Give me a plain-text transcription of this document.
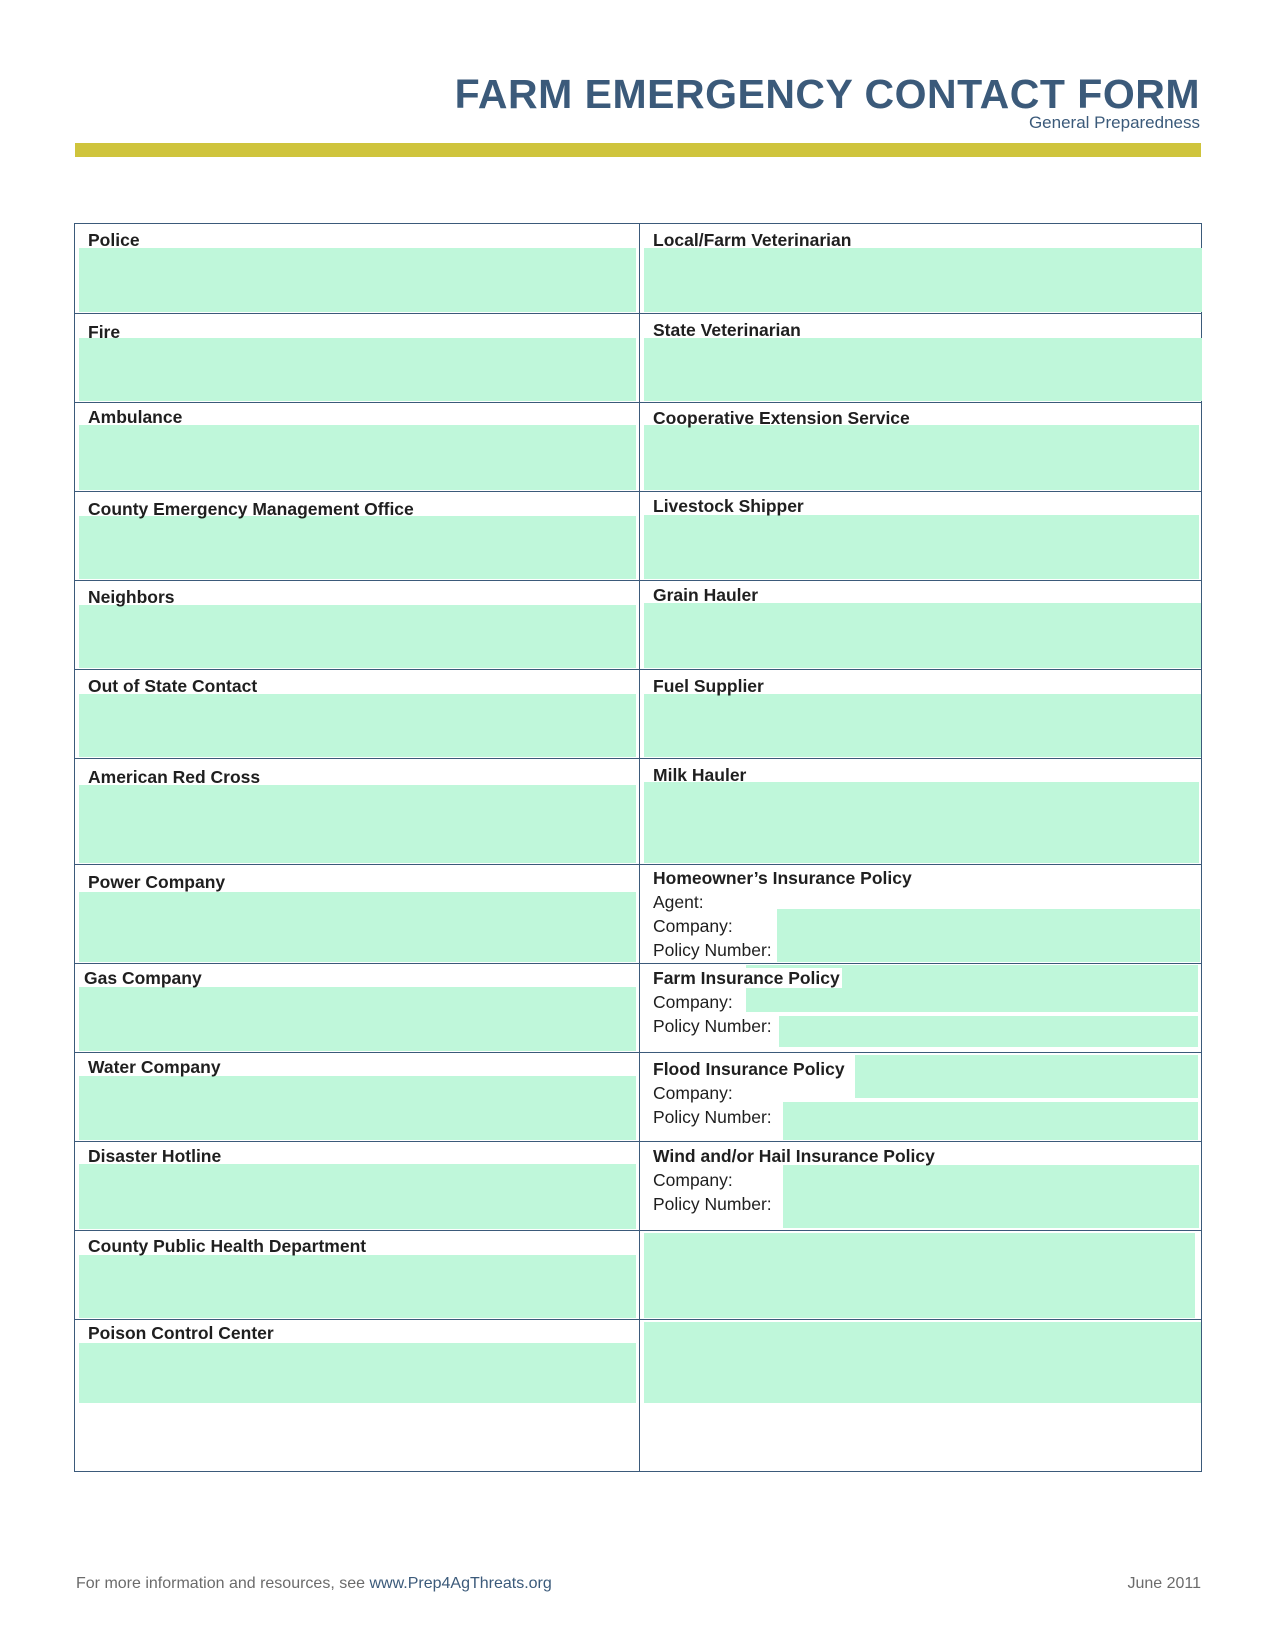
FARM EMERGENCY CONTACT FORM
General Preparedness
Police
Fire
Ambulance
County Emergency Management Office
Neighbors
Out of State Contact
American Red Cross
Power Company
Gas Company
Water Company
Disaster Hotline
County Public Health Department
Poison Control Center
Local/Farm Veterinarian
State Veterinarian
Cooperative Extension Service
Livestock Shipper
Grain Hauler
Fuel Supplier
Milk Hauler
Homeowner’s Insurance Policy
Agent:
Company:
Policy Number:
Farm Insurance Policy
Company:
Policy Number:
Flood Insurance Policy
Company:
Policy Number:
Wind and/or Hail Insurance Policy
Company:
Policy Number:
For more information and resources, see www.Prep4AgThreats.org	June 2011
